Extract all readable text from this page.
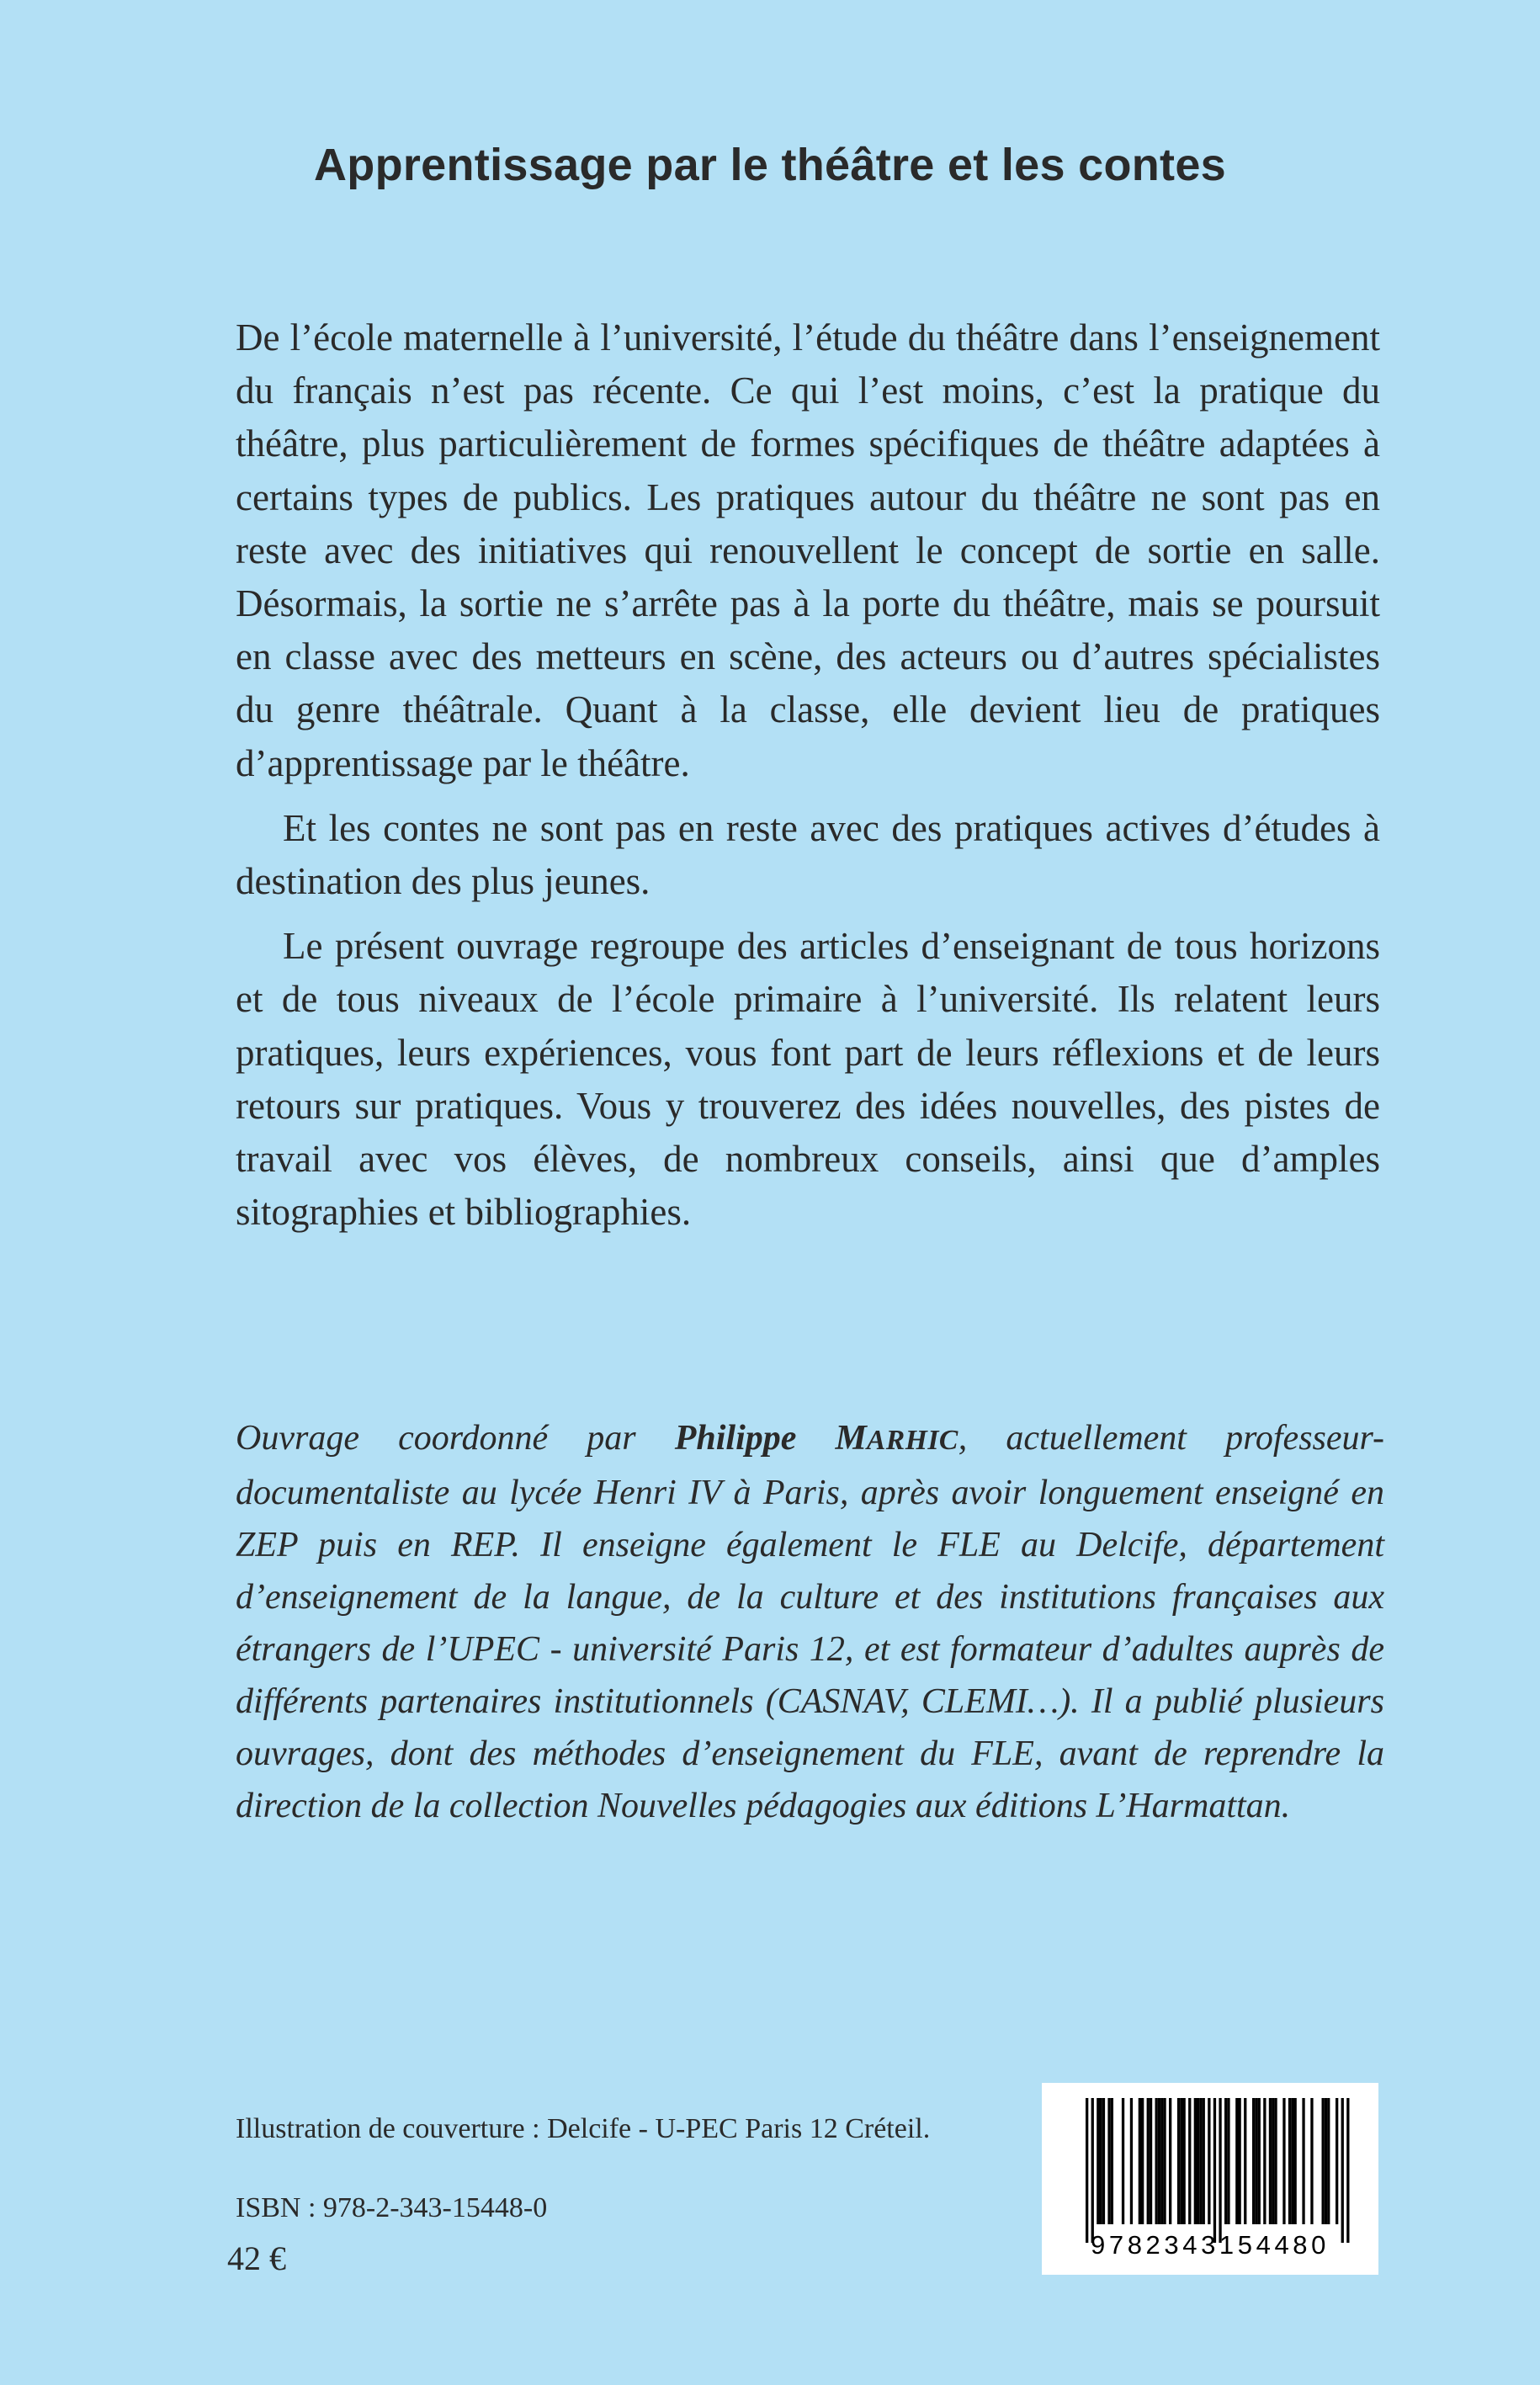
Apprentissage par le théâtre et les contes

De l’école maternelle à l’université, l’étude du théâtre dans l’enseignement du français n’est pas récente. Ce qui l’est moins, c’est la pratique du théâtre, plus particulièrement de formes spécifiques de théâtre adaptées à certains types de publics. Les pratiques autour du théâtre ne sont pas en reste avec des initiatives qui renouvellent le concept de sortie en salle. Désormais, la sortie ne s’arrête pas à la porte du théâtre, mais se poursuit en classe avec des metteurs en scène, des acteurs ou d’autres spécialistes du genre théâtrale. Quant à la classe, elle devient lieu de pratiques d’apprentissage par le théâtre.

Et les contes ne sont pas en reste avec des pratiques actives d’études à destination des plus jeunes.

Le présent ouvrage regroupe des articles d’enseignant de tous horizons et de tous niveaux de l’école primaire à l’université. Ils relatent leurs pratiques, leurs expériences, vous font part de leurs réflexions et de leurs retours sur pratiques. Vous y trouverez des idées nouvelles, des pistes de travail avec vos élèves, de nombreux conseils, ainsi que d’amples sitographies et bibliographies.

Ouvrage coordonné par Philippe MARHIC, actuellement professeur-documentaliste au lycée Henri IV à Paris, après avoir longuement enseigné en ZEP puis en REP. Il enseigne également le FLE au Delcife, département d’enseignement de la langue, de la culture et des institutions françaises aux étrangers de l’UPEC - université Paris 12, et est formateur d’adultes auprès de différents partenaires institutionnels (CASNAV, CLEMI…). Il a publié plusieurs ouvrages, dont des méthodes d’enseignement du FLE, avant de reprendre la direction de la collection Nouvelles pédagogies aux éditions L’Harmattan.
Illustration de couverture : Delcife - U-PEC Paris 12 Créteil.
ISBN : 978-2-343-15448-0
42 €	9782343154480
